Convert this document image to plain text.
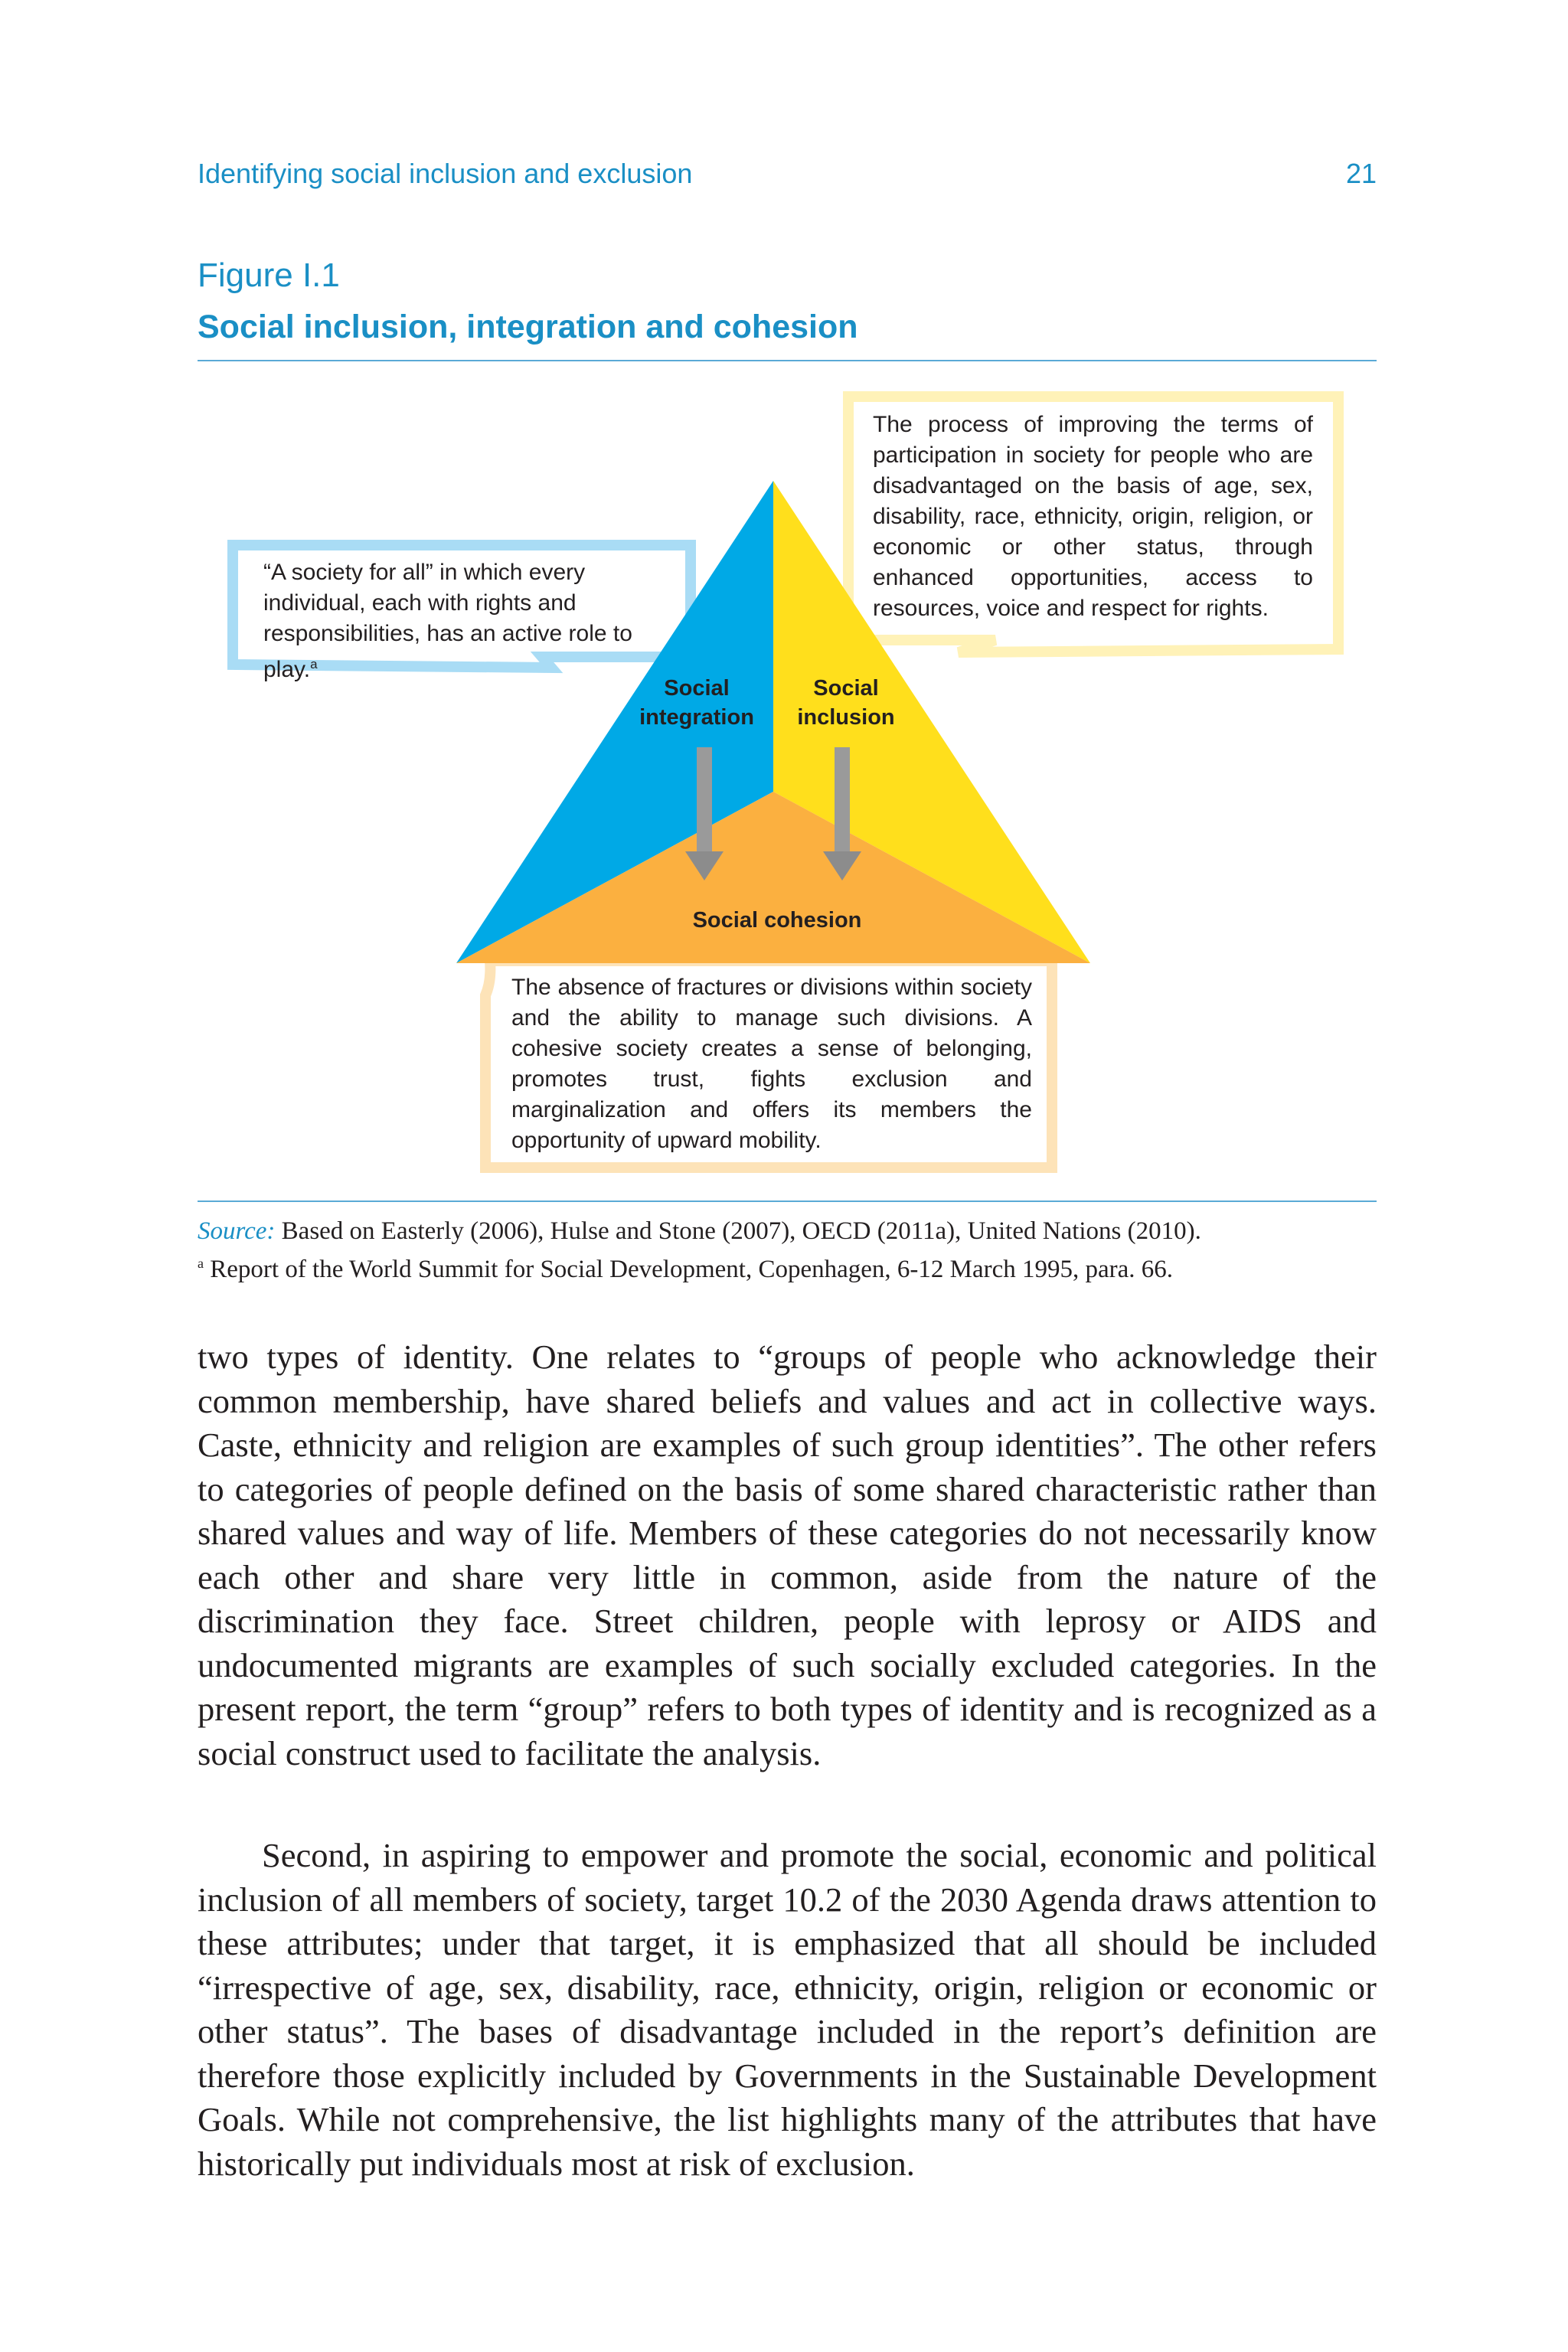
Identifying social inclusion and exclusion	21
Figure I.1
Social inclusion, integration and cohesion
“A society for all” in which every individual, each with rights and responsibilities, has an active role to play.$^a$
The process of improving the terms of participation in society for people who are disadvantaged on the basis of age, sex, disability, race, ethnicity, origin, religion, or economic or other status, through enhanced opportunities, access to resources, voice and respect for rights.
The absence of fractures or divisions within society and the ability to manage such divisions. A cohesive society creates a sense of belonging, promotes trust, fights exclusion and marginalization and offers its members the opportunity of upward mobility.
Social
integration
Social
inclusion
Social cohesion
Source: Based on Easterly (2006), Hulse and Stone (2007), OECD (2011a), United Nations (2010).
$^a$ Report of the World Summit for Social Development, Copenhagen, 6-12 March 1995, para. 66.

two types of identity. One relates to “groups of people who acknowledge their common membership, have shared beliefs and values and act in collective ways. Caste, ethnicity and religion are examples of such group identities”. The other refers to categories of people defined on the basis of some shared characteristic rather than shared values and way of life. Members of these categories do not necessarily know each other and share very little in common, aside from the nature of the discrimination they face. Street children, people with leprosy or AIDS and undocumented migrants are examples of such socially excluded categories. In the present report, the term “group” refers to both types of identity and is recognized as a social construct used to facilitate the analysis.

Second, in aspiring to empower and promote the social, economic and political inclusion of all members of society, target 10.2 of the 2030 Agenda draws attention to these attributes; under that target, it is emphasized that all should be included “irrespective of age, sex, disability, race, ethnicity, origin, religion or economic or other status”. The bases of disadvantage included in the report’s definition are therefore those explicitly included by Governments in the Sustainable Development Goals. While not comprehensive, the list highlights many of the attributes that have historically put individuals most at risk of exclusion.
